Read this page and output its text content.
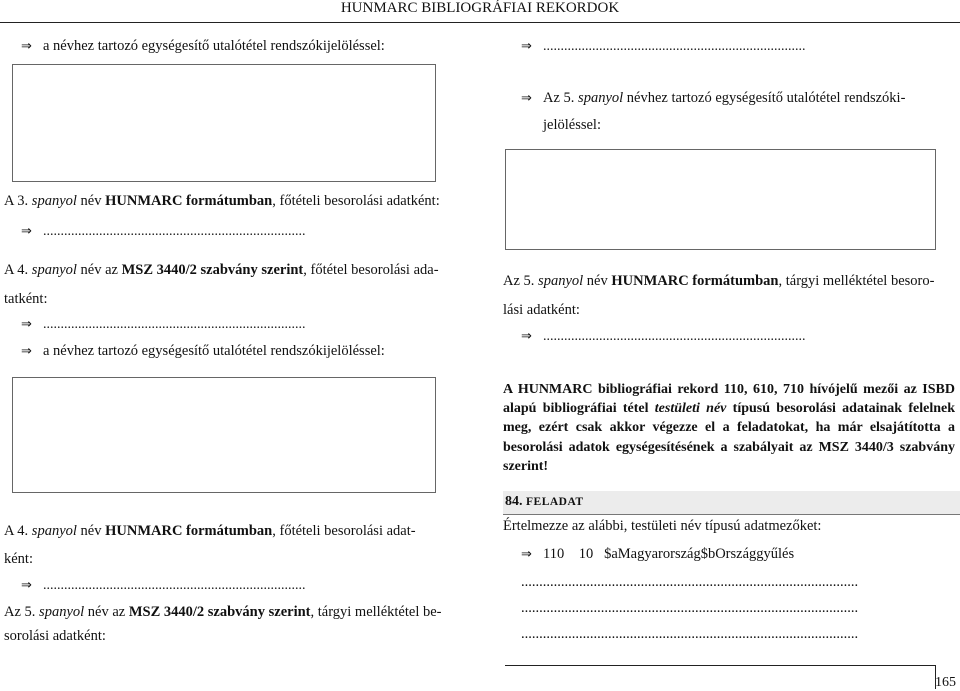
HUNMARC BIBLIOGRÁFIAI REKORDOK
⇒ a névhez tartozó egységesítő utalótétel rendszókijelöléssel:
A 3. spanyol név HUNMARC formátumban, főtételi besorolási adatként:
⇒ ...........................................................................
A 4. spanyol név az MSZ 3440/2 szabvány szerint, főtétel besorolási ada-
tatként:
⇒ ...........................................................................
⇒ a névhez tartozó egységesítő utalótétel rendszókijelöléssel:
A 4. spanyol név HUNMARC formátumban, főtételi besorolási adat-
ként:
⇒ ...........................................................................
Az 5. spanyol név az MSZ 3440/2 szabvány szerint, tárgyi melléktétel be-
sorolási adatként:
⇒ ...........................................................................
⇒ Az 5. spanyol névhez tartozó egységesítő utalótétel rendszóki-
jelöléssel:
Az 5. spanyol név HUNMARC formátumban, tárgyi melléktétel besoro-
lási adatként:
⇒ ...........................................................................
A HUNMARC bibliográfiai rekord 110, 610, 710 hívójelű mezői az ISBD alapú bibliográfiai tétel testületi név típusú besorolási adatainak felelnek meg, ezért csak akkor végezze el a feladatokat, ha már elsajátította a besorolási adatok egységesítésének a szabályait az MSZ 3440/3 szabvány szerint!
84. FELADAT
Értelmezze az alábbi, testületi név típusú adatmezőket:
⇒ 110    10   $aMagyarország$bOrszággyűlés
.............................................................................................
.............................................................................................
.............................................................................................
165
